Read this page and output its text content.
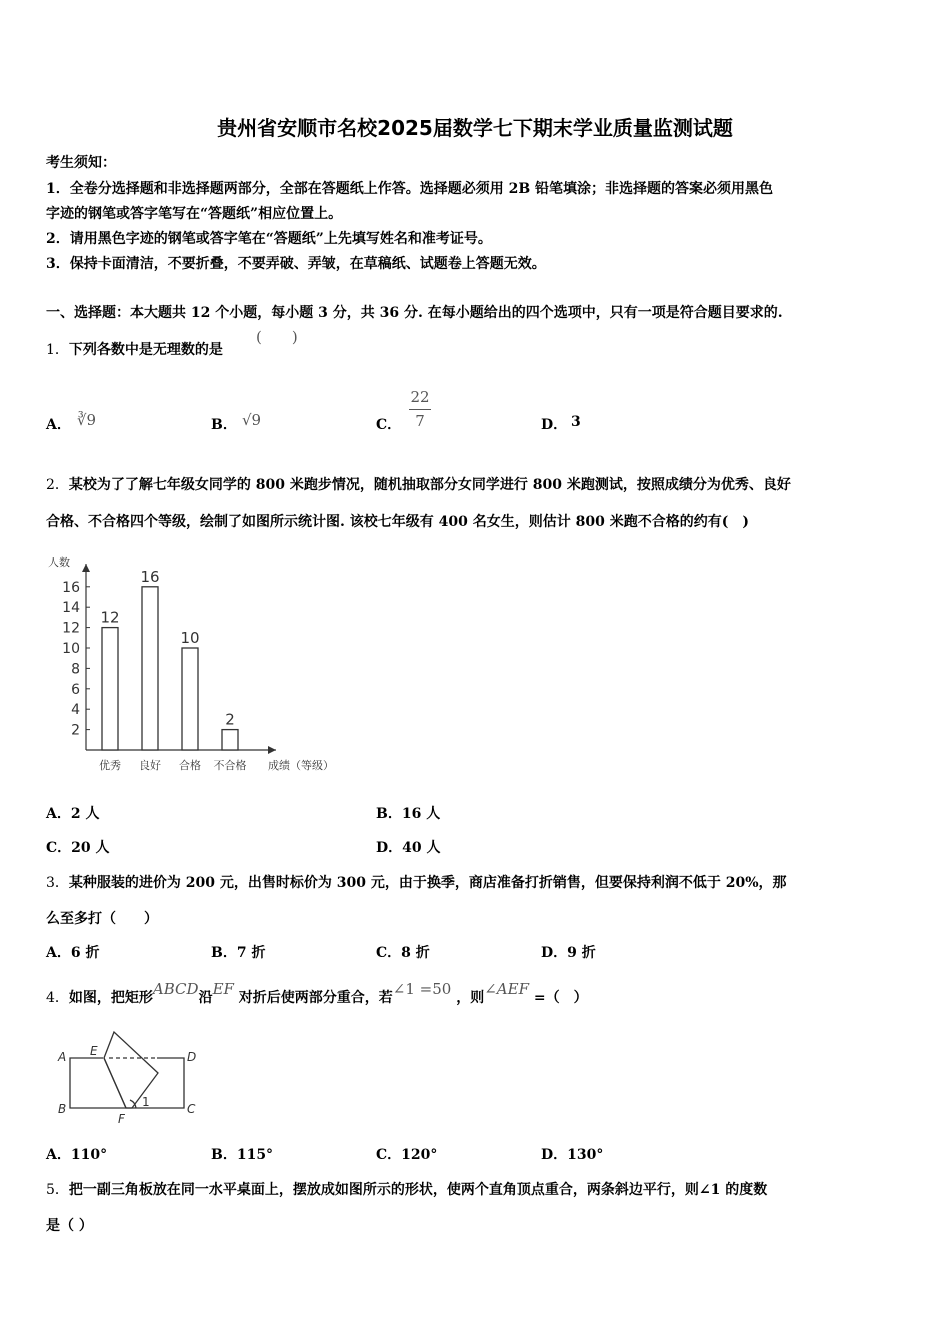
贵州省安顺市名校2025届数学七下期末学业质量监测试题
考生须知：
1．全卷分选择题和非选择题两部分，全部在答题纸上作答。选择题必须用 2B 铅笔填涂；非选择题的答案必须用黑色
字迹的钢笔或答字笔写在“答题纸”相应位置上。
2．请用黑色字迹的钢笔或答字笔在“答题纸”上先填写姓名和准考证号。
3．保持卡面清洁，不要折叠，不要弄破、弄皱，在草稿纸、试题卷上答题无效。
一、选择题：本大题共 12 个小题，每小题 3 分，共 36 分. 在每小题给出的四个选项中，只有一项是符合题目要求的.
1．下列各数中是无理数的是
(　　)
A． ∛9	B． √9	C．
22
7	D． 3
2．某校为了了解七年级女同学的 800 米跑步情况，随机抽取部分女同学进行 800 米跑测试，按照成绩分为优秀、良好
合格、不合格四个等级，绘制了如图所示统计图. 该校七年级有 400 名女生，则估计 800 米跑不合格的约有(　)
2
4
6
8
10
12
14
16
人数
成绩（等级）
12
优秀
16
良好
10
合格
2
不合格
A．2 人	B．16 人
C．20 人	D．40 人
3．某种服装的进价为 200 元，出售时标价为 300 元，由于换季，商店准备打折销售，但要保持利润不低于 20%，那
么至多打（　　）
A．6 折	B．7 折	C．8 折	D．9 折
4．如图，把矩形ABCD沿EF 对折后使两部分重合，若∠1 =50 ，则∠AEF =（　）
A
B	C
D
E
F
1
A．110°	B．115°	C．120°	D．130°
5．把一副三角板放在同一水平桌面上，摆放成如图所示的形状，使两个直角顶点重合，两条斜边平行，则∠1 的度数
是（ ）
